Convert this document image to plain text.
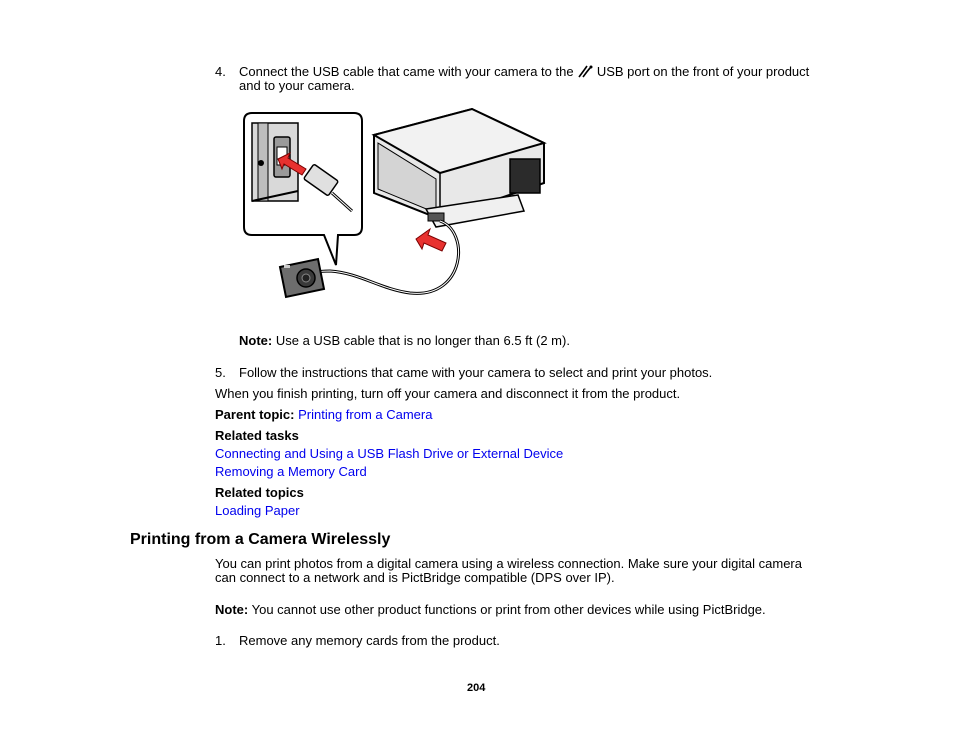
4. Connect the USB cable that came with your camera to the USB port on the front of your product
and to your camera.
Note: Use a USB cable that is no longer than 6.5 ft (2 m).
5. Follow the instructions that came with your camera to select and print your photos.
When you finish printing, turn off your camera and disconnect it from the product.
Parent topic: Printing from a Camera
Related tasks
Connecting and Using a USB Flash Drive or External Device
Removing a Memory Card
Related topics
Loading Paper
Printing from a Camera Wirelessly
You can print photos from a digital camera using a wireless connection. Make sure your digital camera
can connect to a network and is PictBridge compatible (DPS over IP).
Note: You cannot use other product functions or print from other devices while using PictBridge.
1. Remove any memory cards from the product.
204
